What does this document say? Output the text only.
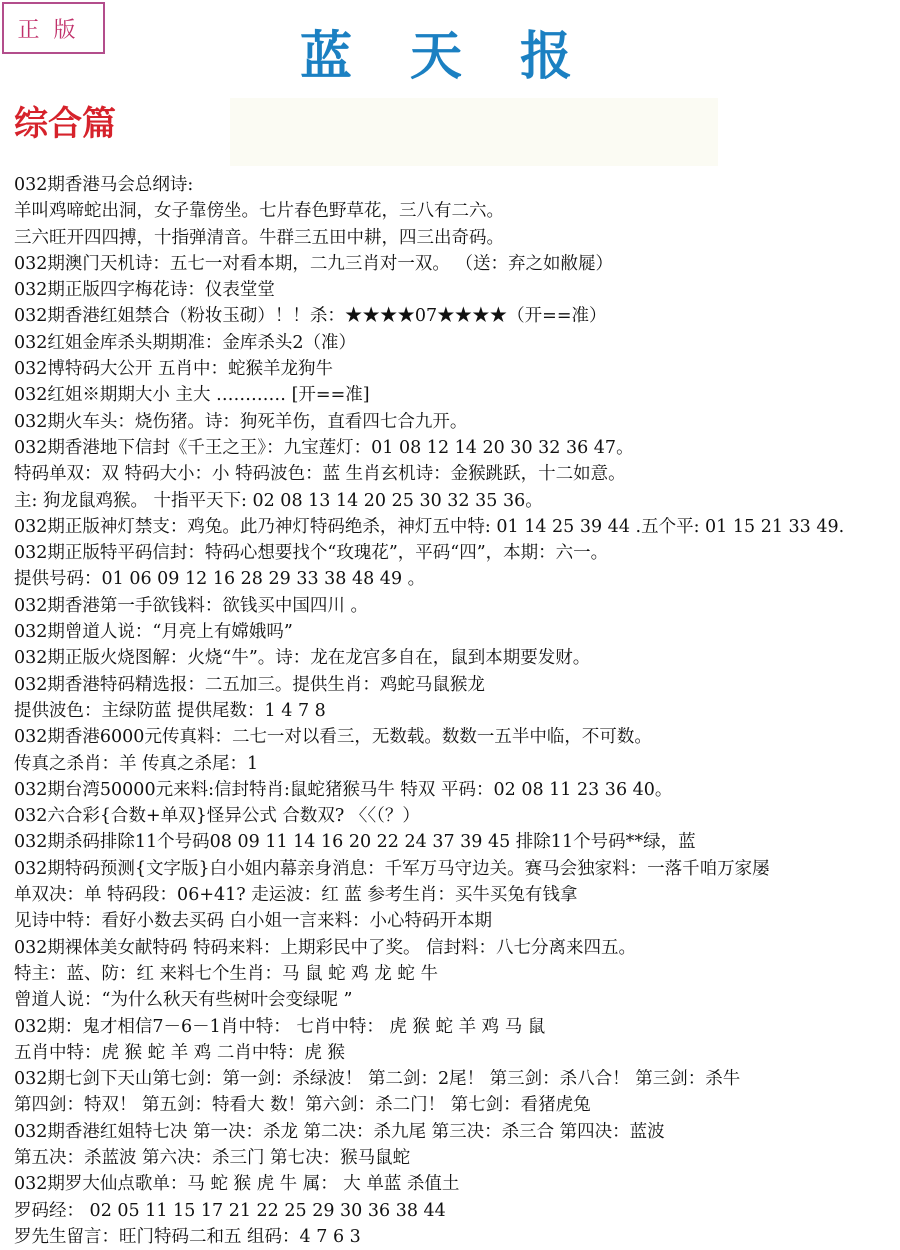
正版	蓝天报
综合篇
032期香港马会总纲诗:
羊叫鸡啼蛇出洞，女子靠傍坐。七片春色野草花，三八有二六。
三六旺开四四搏，十指弹清音。牛群三五田中耕，四三出奇码。
032期澳门天机诗：五七一对看本期，二九三肖对一双。 （送：弃之如敝屣）
032期正版四字梅花诗：仪表堂堂
032期香港红姐禁合（粉妆玉砌）！！杀：★★★★07★★★★（开==准）
032红姐金库杀头期期准：金库杀头2（准）
032博特码大公开 五肖中：蛇猴羊龙狗牛
032红姐※期期大小 主大 ………… [开==准]
032期火车头：烧伤猪。诗：狗死羊伤，直看四七合九开。
032期香港地下信封《千王之王》：九宝莲灯：01 08 12 14 20 30 32 36 47。
特码单双：双 特码大小：小 特码波色：蓝 生肖玄机诗：金猴跳跃，十二如意。
主: 狗龙鼠鸡猴。 十指平天下: 02 08 13 14 20 25 30 32 35 36。
032期正版神灯禁支：鸡兔。此乃神灯特码绝杀，神灯五中特: 01 14 25 39 44 .五个平: 01 15 21 33 49.
032期正版特平码信封：特码心想要找个“玫瑰花”，平码“四”，本期：六一。
提供号码：01 06 09 12 16 28 29 33 38 48 49 。
032期香港第一手欲钱料：欲钱买中国四川 。
032期曾道人说：“月亮上有嫦娥吗”
032期正版火烧图解：火烧“牛”。诗：龙在龙宫多自在，鼠到本期要发财。
032期香港特码精选报：二五加三。提供生肖：鸡蛇马鼠猴龙
提供波色：主绿防蓝 提供尾数：1 4 7 8
032期香港6000元传真料：二七一对以看三，无数载。数数一五半中临，不可数。
传真之杀肖：羊 传真之杀尾：1
032期台湾50000元来料:信封特肖:鼠蛇猪猴马牛 特双 平码：02 08 11 23 36 40。
032六合彩{合数+单双}怪异公式 合数双? 〈〈（？）
032期杀码排除11个号码08 09 11 14 16 20 22 24 37 39 45 排除11个号码**绿，蓝
032期特码预测{文字版}白小姐内幕亲身消息：千军万马守边关。赛马会独家料：一落千咱万家屡
单双决：单 特码段：06+41? 走运波：红 蓝 参考生肖：买牛买兔有钱拿
见诗中特：看好小数去买码 白小姐一言来料：小心特码开本期
032期裸体美女献特码 特码来料：上期彩民中了奖。 信封料：八七分离来四五。
特主：蓝、防：红 来料七个生肖：马 鼠 蛇 鸡 龙 蛇 牛
曾道人说：“为什么秋天有些树叶会变绿呢 ”
032期：鬼才相信7－6－1肖中特： 七肖中特： 虎 猴 蛇 羊 鸡 马 鼠
五肖中特：虎 猴 蛇 羊 鸡 二肖中特：虎 猴
032期七剑下天山第七剑：第一剑：杀绿波！ 第二剑：2尾！ 第三剑：杀八合！ 第三剑：杀牛
第四剑：特双！ 第五剑：特看大 数！第六剑：杀二门！ 第七剑：看猪虎兔
032期香港红姐特七决 第一决：杀龙 第二决：杀九尾 第三决：杀三合 第四决：蓝波
第五决：杀蓝波 第六决：杀三门 第七决：猴马鼠蛇
032期罗大仙点歌单：马 蛇 猴 虎 牛 属： 大 单蓝 杀值土
罗码经： 02 05 11 15 17 21 22 25 29 30 36 38 44
罗先生留言：旺门特码二和五 组码：4 7 6 3
